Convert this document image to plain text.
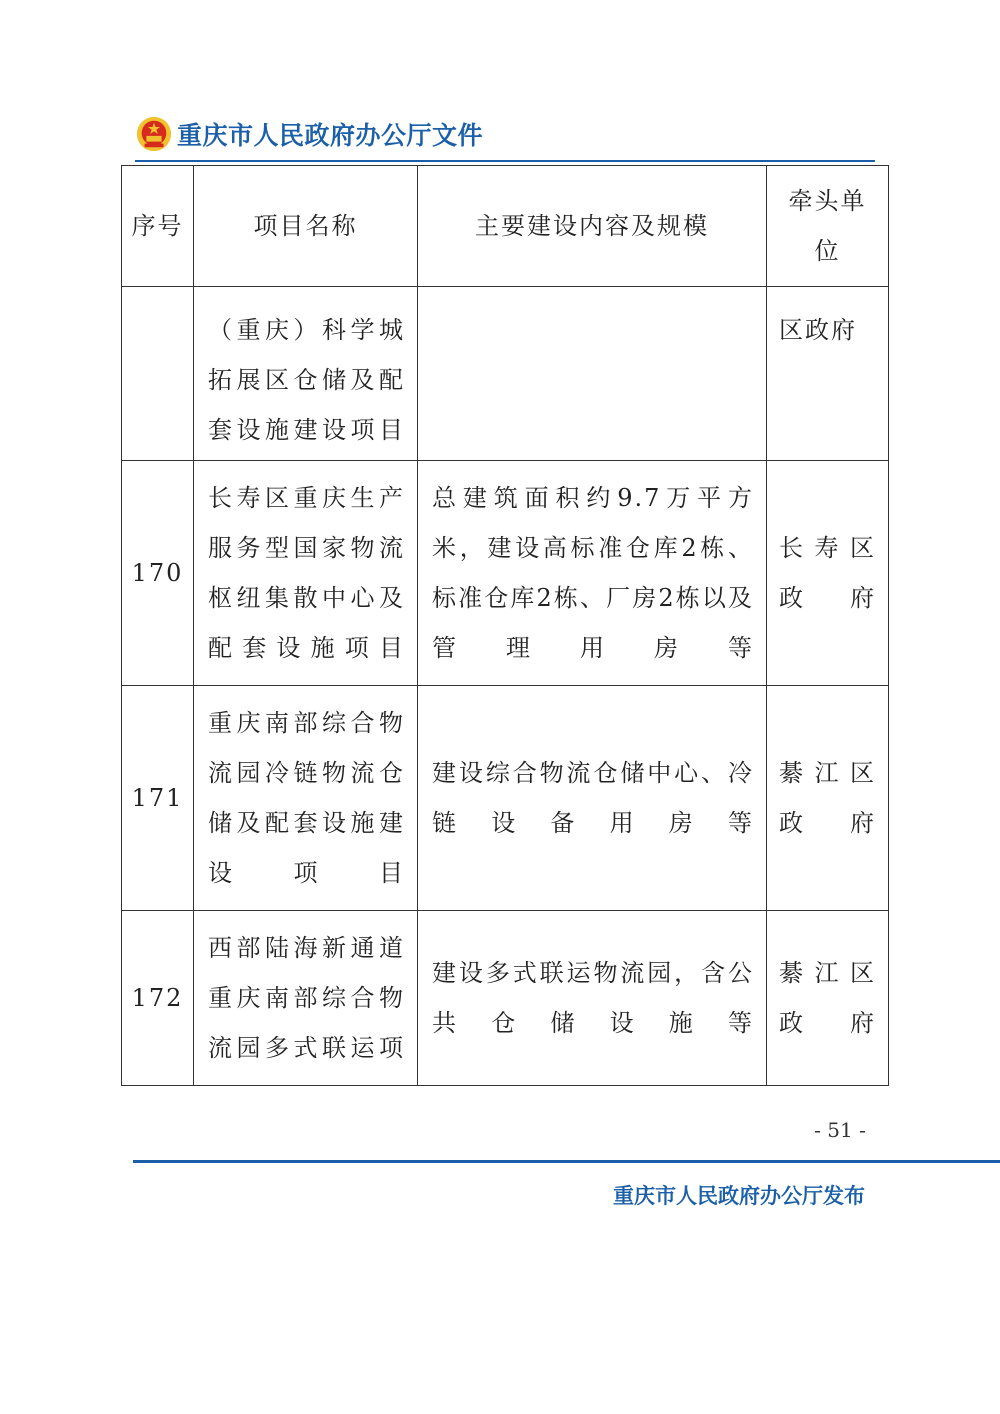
重庆市人民政府办公厅文件
序号	项目名称	主要建设内容及规模	牵头单位
	（重庆）科学城拓展区仓储及配套设施建设项目		区政府
170	长寿区重庆生产服务型国家物流枢纽集散中心及配套设施项目	总建筑面积约9.7万平方米，建设高标准仓库2栋、标准仓库2栋、厂房2栋以及管理用房等	长寿区政府
171	重庆南部综合物流园冷链物流仓储及配套设施建设项目	建设综合物流仓储中心、冷链设备用房等	綦江区政府
172	西部陆海新通道重庆南部综合物流园多式联运项	建设多式联运物流园，含公共仓储设施等	綦江区政府
- 51 -
重庆市人民政府办公厅发布
